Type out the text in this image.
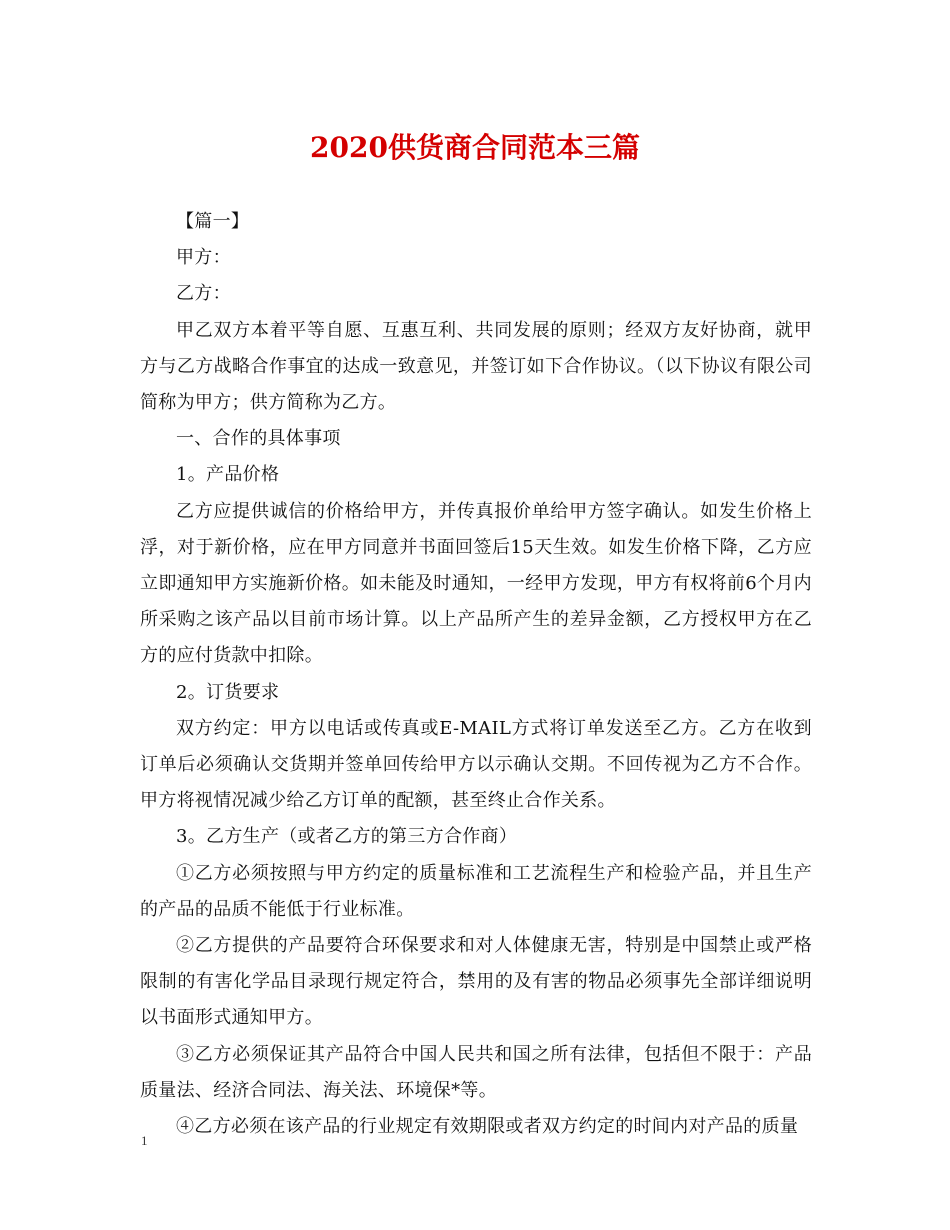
2020供货商合同范本三篇

【篇一】

甲方：

乙方：

甲乙双方本着平等自愿、互惠互利、共同发展的原则；经双方友好协商，就甲方与乙方战略合作事宜的达成一致意见，并签订如下合作协议。（以下协议有限公司简称为甲方；供方简称为乙方。

一、合作的具体事项

1。产品价格

乙方应提供诚信的价格给甲方，并传真报价单给甲方签字确认。如发生价格上浮，对于新价格，应在甲方同意并书面回签后15天生效。如发生价格下降，乙方应立即通知甲方实施新价格。如未能及时通知，一经甲方发现，甲方有权将前6个月内所采购之该产品以目前市场计算。以上产品所产生的差异金额，乙方授权甲方在乙方的应付货款中扣除。

2。订货要求

双方约定：甲方以电话或传真或E-MAIL方式将订单发送至乙方。乙方在收到订单后必须确认交货期并签单回传给甲方以示确认交期。不回传视为乙方不合作。甲方将视情况减少给乙方订单的配额，甚至终止合作关系。

3。乙方生产（或者乙方的第三方合作商）

①乙方必须按照与甲方约定的质量标准和工艺流程生产和检验产品，并且生产的产品的品质不能低于行业标准。

②乙方提供的产品要符合环保要求和对人体健康无害，特别是中国禁止或严格限制的有害化学品目录现行规定符合，禁用的及有害的物品必须事先全部详细说明以书面形式通知甲方。

③乙方必须保证其产品符合中国人民共和国之所有法律，包括但不限于：产品质量法、经济合同法、海关法、环境保*等。

④乙方必须在该产品的行业规定有效期限或者双方约定的时间内对产品的质量

1
